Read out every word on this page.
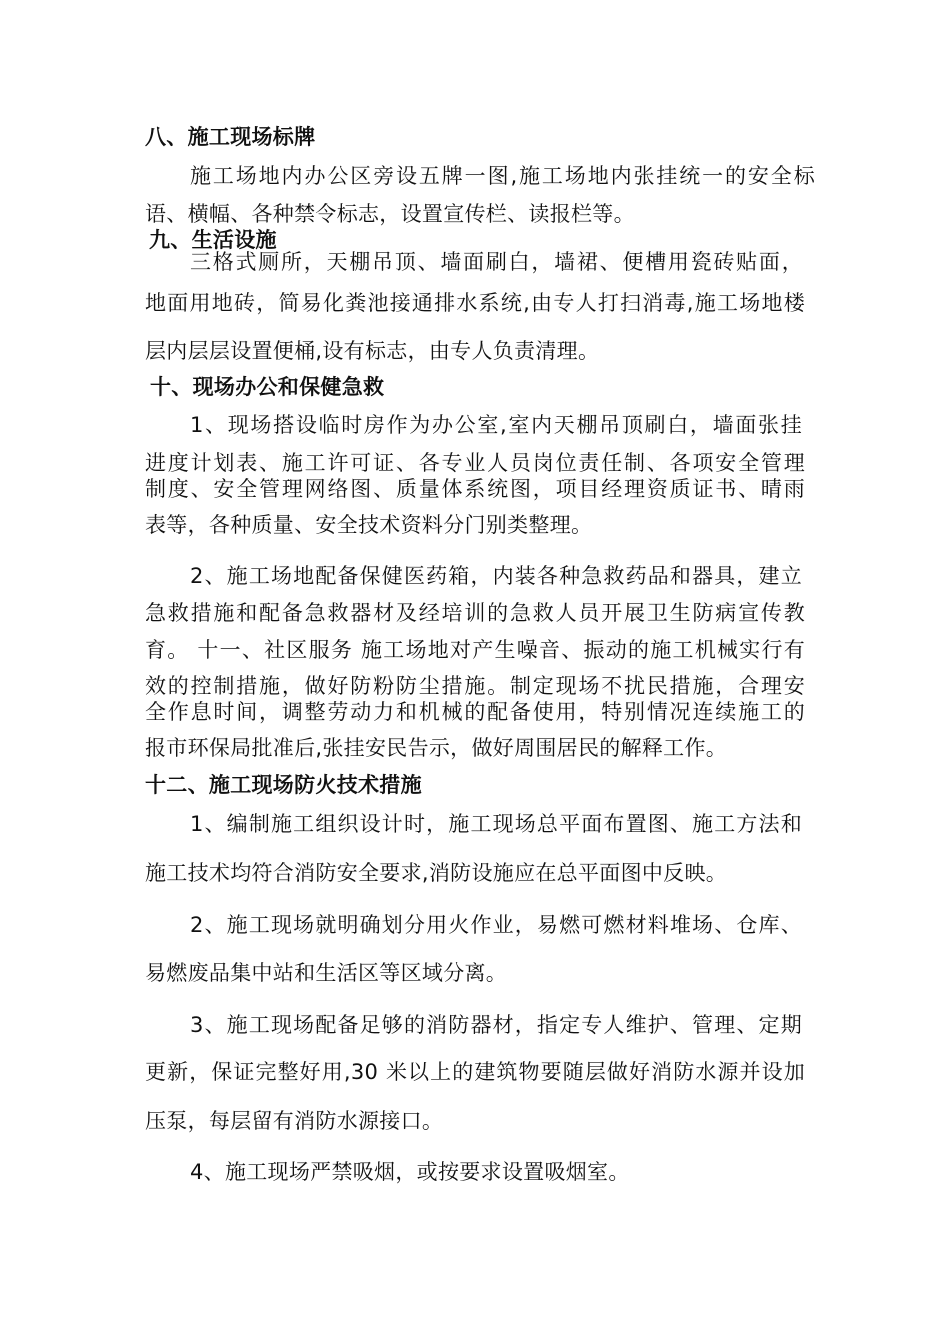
八、施工现场标牌
施工场地内办公区旁设五牌一图,施工场地内张挂统一的安全标
语、横幅、各种禁令标志，设置宣传栏、读报栏等。
九、生活设施
三格式厕所，天棚吊顶、墙面刷白，墙裙、便槽用瓷砖贴面，
地面用地砖，简易化粪池接通排水系统,由专人打扫消毒,施工场地楼
层内层层设置便桶,设有标志，由专人负责清理。
十、现场办公和保健急救
1、现场搭设临时房作为办公室,室内天棚吊顶刷白，墙面张挂
进度计划表、施工许可证、各专业人员岗位责任制、各项安全管理
制度、安全管理网络图、质量体系统图，项目经理资质证书、晴雨
表等，各种质量、安全技术资料分门别类整理。
2、施工场地配备保健医药箱，内装各种急救药品和器具，建立
急救措施和配备急救器材及经培训的急救人员开展卫生防病宣传教
育。 十一、社区服务 施工场地对产生噪音、振动的施工机械实行有
效的控制措施，做好防粉防尘措施。制定现场不扰民措施，合理安
全作息时间，调整劳动力和机械的配备使用，特别情况连续施工的
报市环保局批准后,张挂安民告示，做好周围居民的解释工作。
十二、施工现场防火技术措施
1、编制施工组织设计时，施工现场总平面布置图、施工方法和
施工技术均符合消防安全要求,消防设施应在总平面图中反映。
2、施工现场就明确划分用火作业，易燃可燃材料堆场、仓库、
易燃废品集中站和生活区等区域分离。
3、施工现场配备足够的消防器材，指定专人维护、管理、定期
更新，保证完整好用,30 米以上的建筑物要随层做好消防水源并设加
压泵，每层留有消防水源接口。
4、施工现场严禁吸烟，或按要求设置吸烟室。
